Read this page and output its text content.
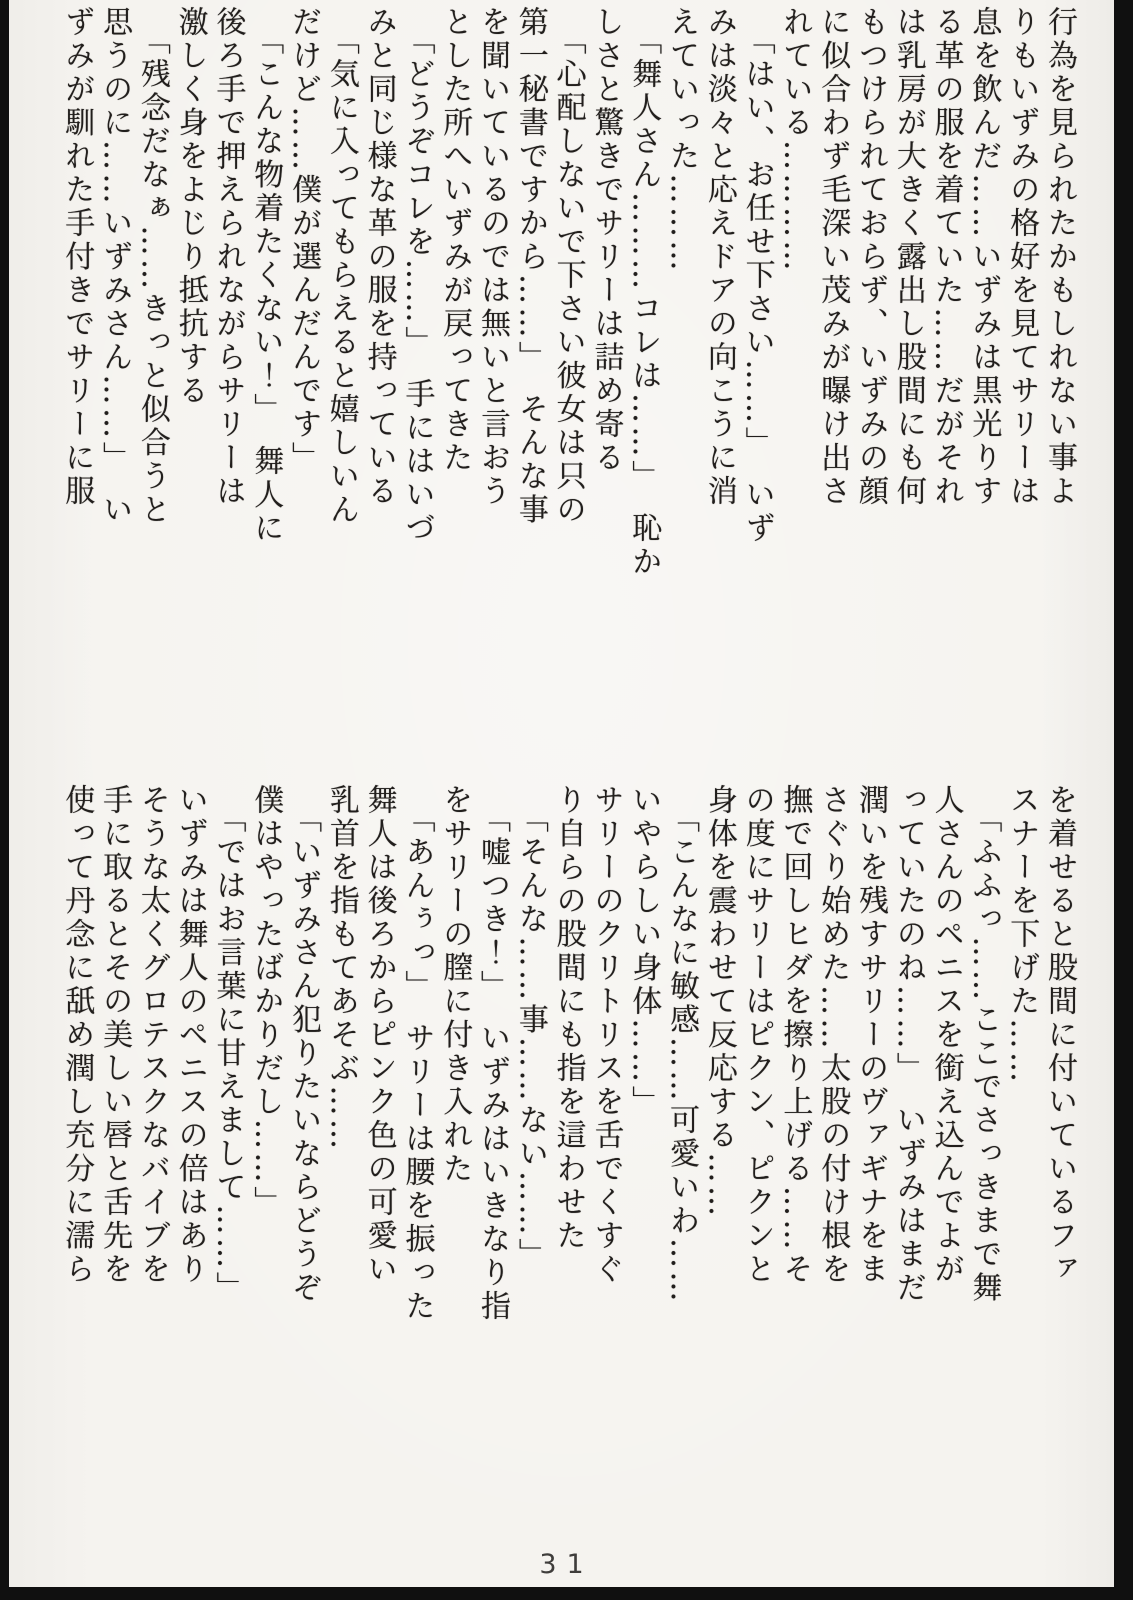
行為を見られたかもしれない事よ
りもいずみの格好を見てサリーは
息を飲んだ……いずみは黒光りす
る革の服を着ていた……だがそれ
は乳房が大きく露出し股間にも何
もつけられておらず、いずみの顔
に似合わず毛深い茂みが曝け出さ
れている…………
　「はい、お任せ下さい……」　いず
みは淡々と応えドアの向こうに消
えていった………
　「舞人さん………コレは……」　恥か
しさと驚きでサリーは詰め寄る
　「心配しないで下さい彼女は只の
第一秘書ですから……」　そんな事
を聞いているのでは無いと言おう
とした所へいずみが戻ってきた
　「どうぞコレを……」　手にはいづ
みと同じ様な革の服を持っている
　「気に入ってもらえると嬉しいん
だけど……僕が選んだんです」
　「こんな物着たくない！」　舞人に
後ろ手で押えられながらサリーは
激しく身をよじり抵抗する
　「残念だなぁ……きっと似合うと
思うのに……いずみさん……」　い
ずみが馴れた手付きでサリーに服
を着せると股間に付いているファ
スナーを下げた……
　「ふふっ……ここでさっきまで舞
人さんのペニスを銜え込んでよが
っていたのね……」　いずみはまだ
潤いを残すサリーのヴァギナをま
さぐり始めた……太股の付け根を
撫で回しヒダを擦り上げる……そ
の度にサリーはピクン、ピクンと
身体を震わせて反応する……
　「こんなに敏感……可愛いわ……
いやらしい身体……」
サリーのクリトリスを舌でくすぐ
り自らの股間にも指を這わせた
　「そんな……事……ない……」
　「嘘つき！」　いずみはいきなり指
をサリーの膣に付き入れた
　「あんぅっ」　サリーは腰を振った
舞人は後ろからピンク色の可愛い
乳首を指もてあそぶ……
　「いずみさん犯りたいならどうぞ
僕はやったばかりだし……」
　「ではお言葉に甘えまして……」
いずみは舞人のペニスの倍はあり
そうな太くグロテスクなバイブを
手に取るとその美しい唇と舌先を
使って丹念に舐め潤し充分に濡ら
31
